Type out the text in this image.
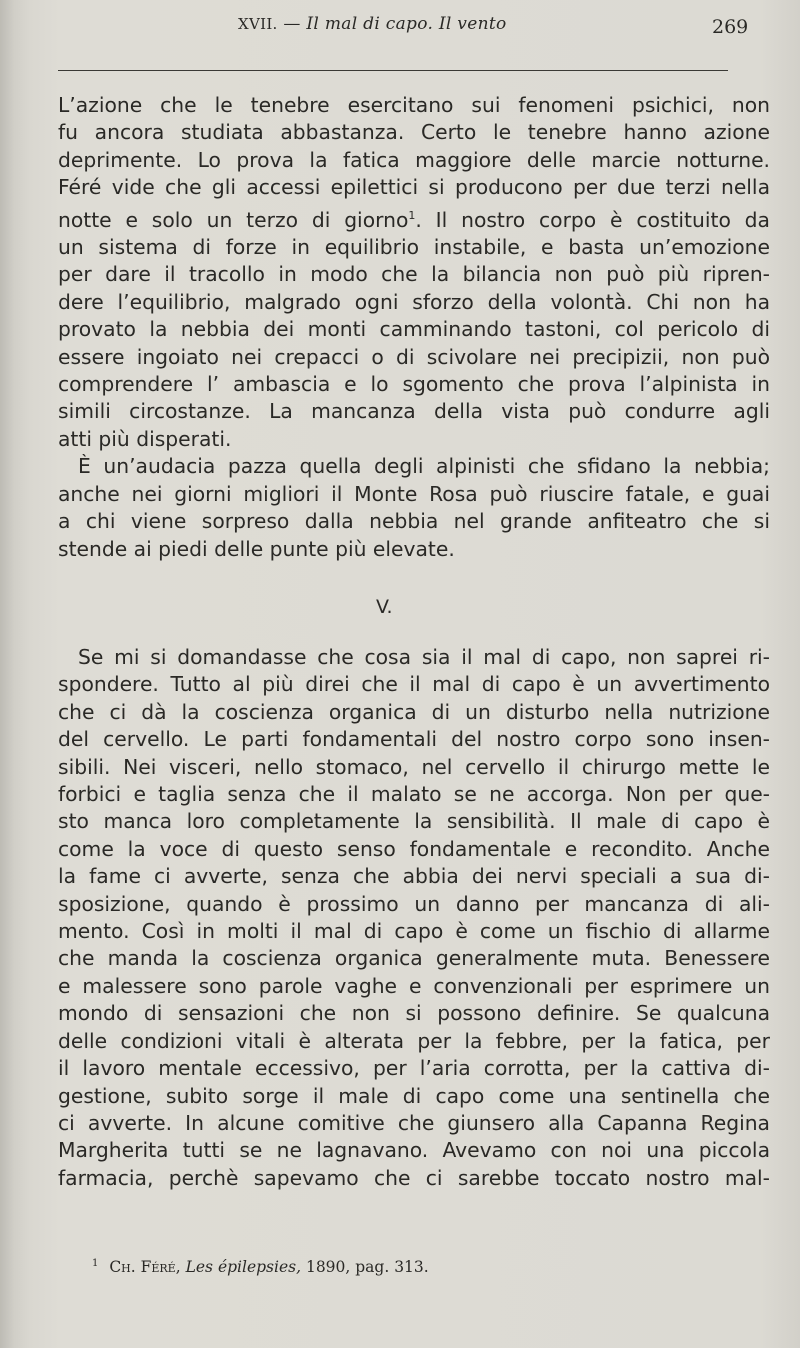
XVII. — Il mal di capo. Il vento	269

L’azione che le tenebre esercitano sui fenomeni psichici, non
fu ancora studiata abbastanza. Certo le tenebre hanno azione
deprimente. Lo prova la fatica maggiore delle marcie notturne.
Féré vide che gli accessi epilettici si producono per due terzi nella
notte e solo un terzo di giorno$^1$. Il nostro corpo è costituito da
un sistema di forze in equilibrio instabile, e basta un’emozione
per dare il tracollo in modo che la bilancia non può più ripren-
dere l’equilibrio, malgrado ogni sforzo della volontà. Chi non ha
provato la nebbia dei monti camminando tastoni, col pericolo di
essere ingoiato nei crepacci o di scivolare nei precipizii, non può
comprendere l’ ambascia e lo sgomento che prova l’alpinista in
simili circostanze. La mancanza della vista può condurre agli
atti più disperati.

È un’audacia pazza quella degli alpinisti che sfidano la nebbia;
anche nei giorni migliori il Monte Rosa può riuscire fatale, e guai
a chi viene sorpreso dalla nebbia nel grande anfiteatro che si
stende ai piedi delle punte più elevate.

V.

Se mi si domandasse che cosa sia il mal di capo, non saprei ri-
spondere. Tutto al più direi che il mal di capo è un avvertimento
che ci dà la coscienza organica di un disturbo nella nutrizione
del cervello. Le parti fondamentali del nostro corpo sono insen-
sibili. Nei visceri, nello stomaco, nel cervello il chirurgo mette le
forbici e taglia senza che il malato se ne accorga. Non per que-
sto manca loro completamente la sensibilità. Il male di capo è
come la voce di questo senso fondamentale e recondito. Anche
la fame ci avverte, senza che abbia dei nervi speciali a sua di-
sposizione, quando è prossimo un danno per mancanza di ali-
mento. Così in molti il mal di capo è come un fischio di allarme
che manda la coscienza organica generalmente muta. Benessere
e malessere sono parole vaghe e convenzionali per esprimere un
mondo di sensazioni che non si possono definire. Se qualcuna
delle condizioni vitali è alterata per la febbre, per la fatica, per
il lavoro mentale eccessivo, per l’aria corrotta, per la cattiva di-
gestione, subito sorge il male di capo come una sentinella che
ci avverte. In alcune comitive che giunsero alla Capanna Regina
Margherita tutti se ne lagnavano. Avevamo con noi una piccola
farmacia, perchè sapevamo che ci sarebbe toccato nostro mal-

$^1$ Ch. Féré, Les épilepsies, 1890, pag. 313.
